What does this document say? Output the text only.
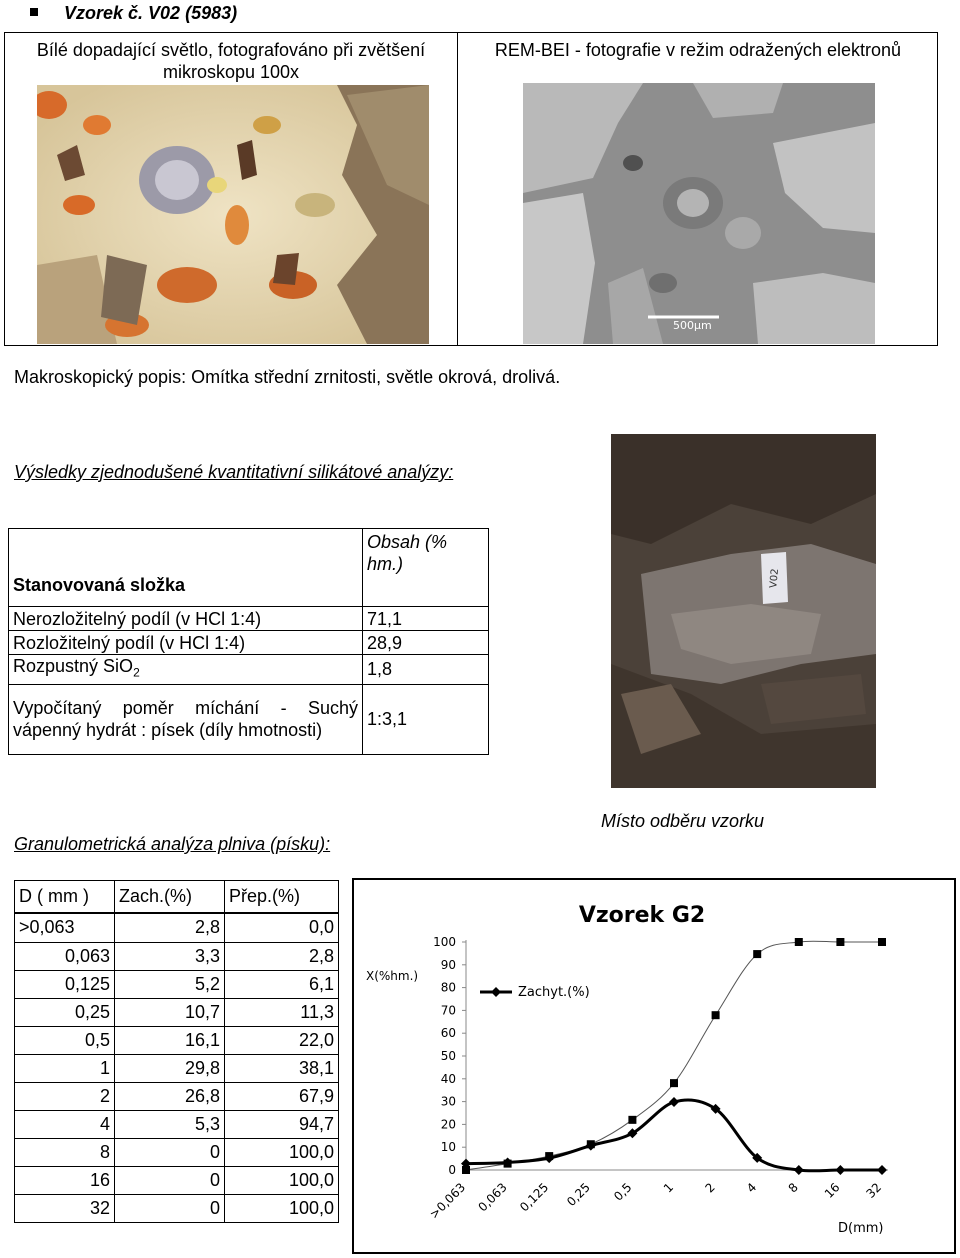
Vzorek č. V02 (5983)
Bílé dopadající světlo, fotografováno při zvětšení mikroskopu 100x
REM-BEI - fotografie v režim odražených elektronů
500µm
Makroskopický popis: Omítka střední zrnitosti, světle okrová, drolivá.
Výsledky zjednodušené kvantitativní silikátové analýzy:
Stanovovaná složka	Obsah (% hm.)
Nerozložitelný podíl (v HCl 1:4)	71,1
Rozložitelný podíl (v HCl 1:4)	28,9
Rozpustný SiO$_2$	1,8
Vypočítaný poměr míchání - Suchý vápenný hydrát : písek (díly hmotnosti)	1:3,1
V02
Místo odběru vzorku
Granulometrická analýza plniva (písku):
D ( mm )	Zach.(%)	Přep.(%)
>0,063	2,8	0,0
0,063	3,3	2,8
0,125	5,2	6,1
0,25	10,7	11,3
0,5	16,1	22,0
1	29,8	38,1
2	26,8	67,9
4	5,3	94,7
8	0	100,0
16	0	100,0
32	0	100,0
Vzorek G2
X(%hm.)
D(mm)
0
10
20
30
40
50
60
70
80
90
100
>0,063 0,063 0,125 0,25 0,5 1 2 4 8 16 32
Zachyt.(%)
